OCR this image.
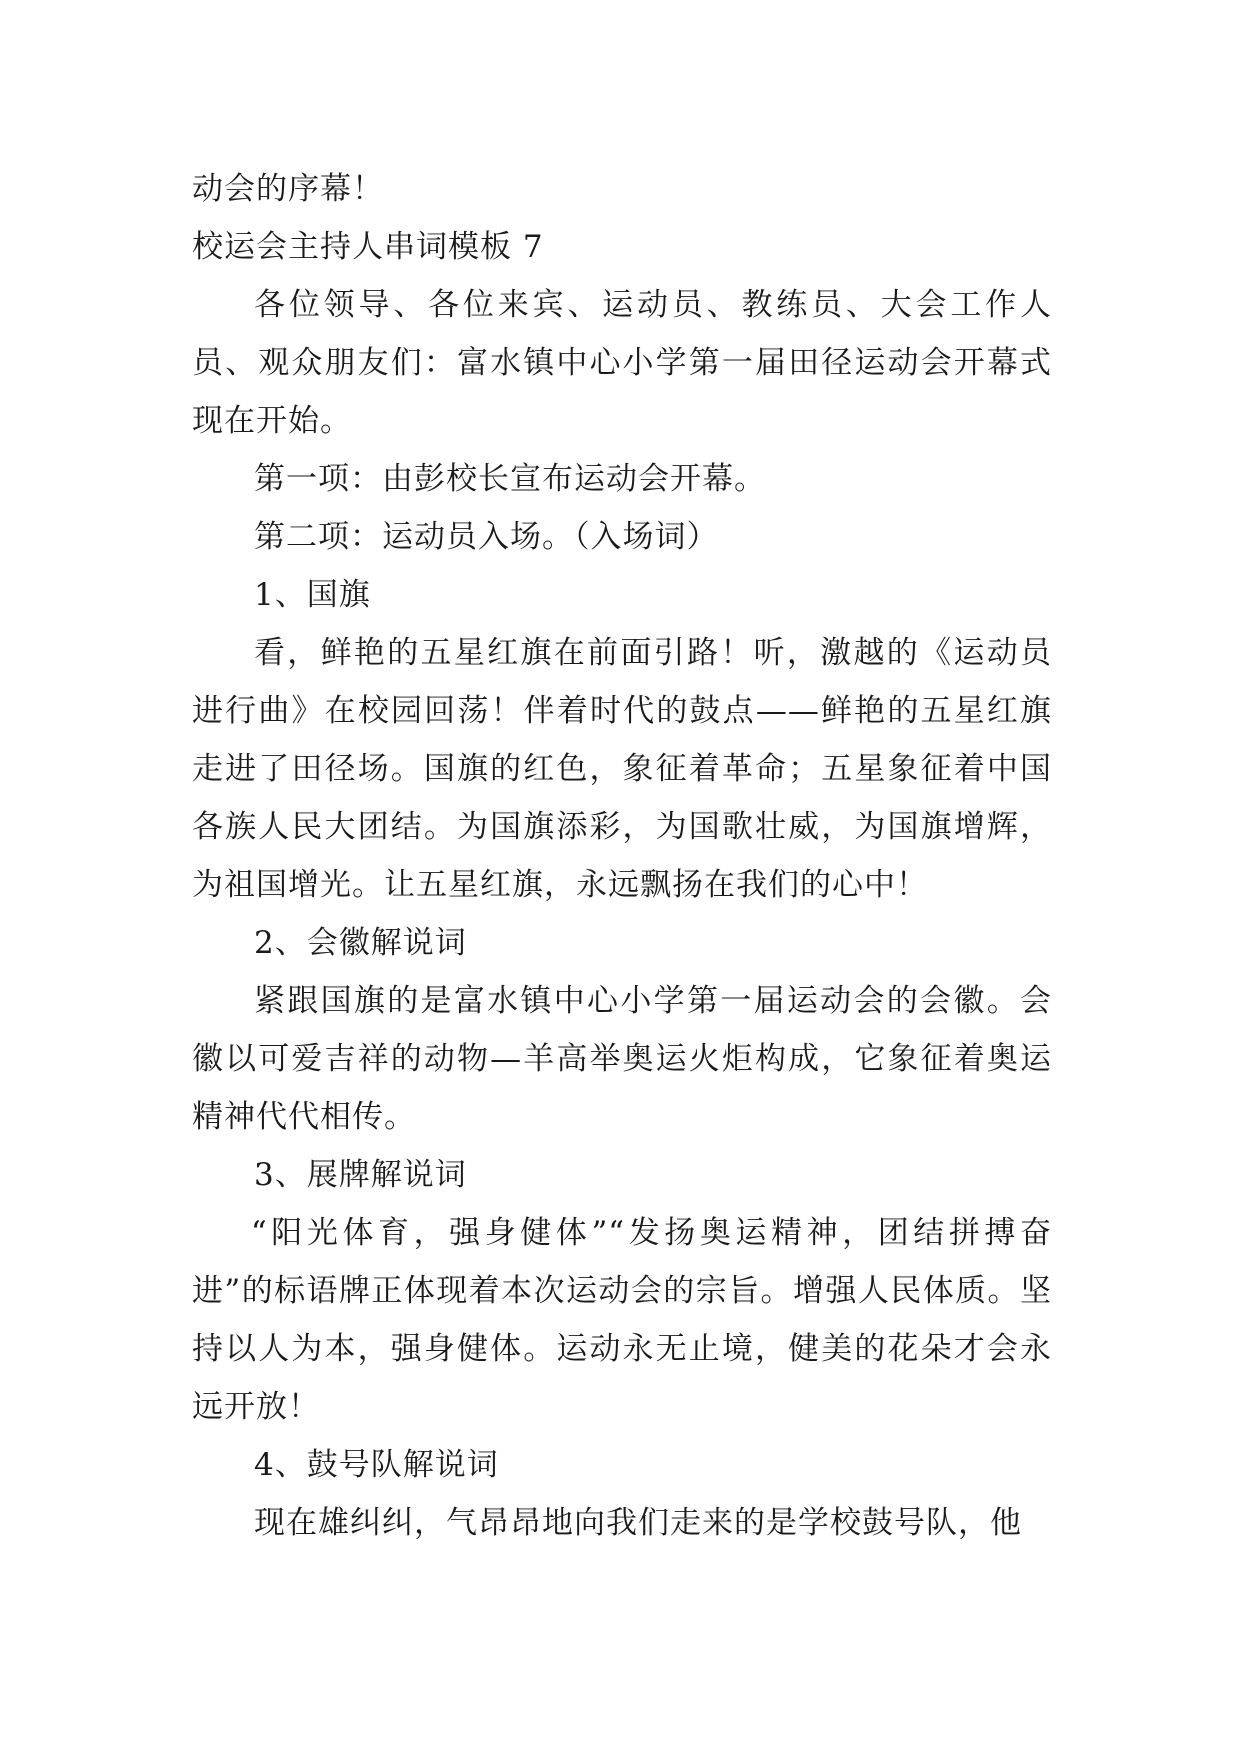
动会的序幕！

校运会主持人串词模板 7

各位领导、各位来宾、运动员、教练员、大会工作人员、观众朋友们：富水镇中心小学第一届田径运动会开幕式现在开始。

第一项：由彭校长宣布运动会开幕。

第二项：运动员入场。（入场词）

1、国旗

看，鲜艳的五星红旗在前面引路！听，激越的《运动员进行曲》在校园回荡！伴着时代的鼓点——鲜艳的五星红旗走进了田径场。国旗的红色，象征着革命；五星象征着中国各族人民大团结。为国旗添彩，为国歌壮威，为国旗增辉，为祖国增光。让五星红旗，永远飘扬在我们的心中！

2、会徽解说词

紧跟国旗的是富水镇中心小学第一届运动会的会徽。会徽以可爱吉祥的动物—羊高举奥运火炬构成，它象征着奥运精神代代相传。

3、展牌解说词

“阳光体育，强身健体”“发扬奥运精神，团结拼搏奋进”的标语牌正体现着本次运动会的宗旨。增强人民体质。坚持以人为本，强身健体。运动永无止境，健美的花朵才会永远开放！

4、鼓号队解说词

现在雄纠纠，气昂昂地向我们走来的是学校鼓号队，他
